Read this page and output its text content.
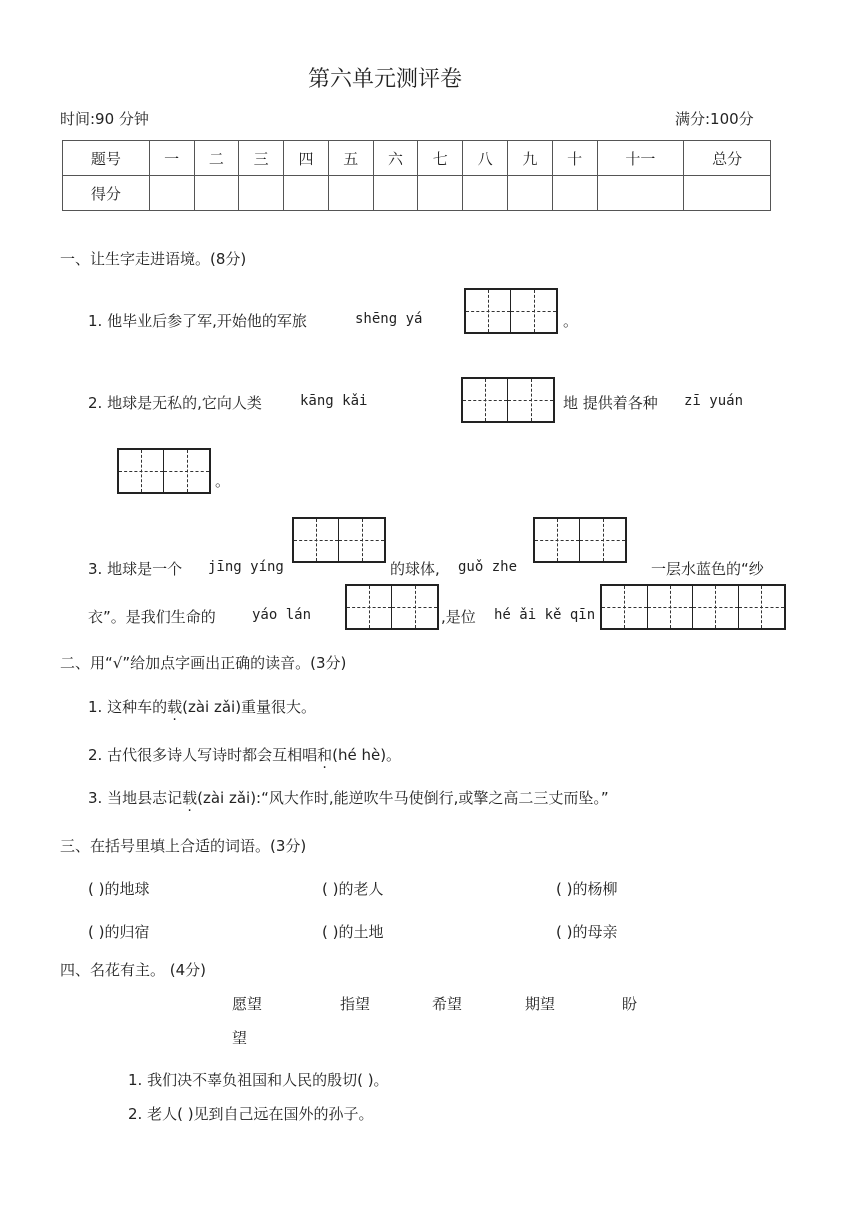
第六单元测评卷
时间:90 分钟	满分:100分
题号	一	二	三	四	五	六	七	八	九	十	十一	总分
得分												
一、让生字走进语境。(8分)
1. 他毕业后参了军,开始他的军旅	shēng yá	。
2. 地球是无私的,它向人类	kāng kǎi	地 提供着各种 zī yuán
。
3. 地球是一个 jīng yíng	的球体, guǒ zhe	一层水蓝色的“纱
衣”。是我们生命的	yáo lán	,是位 hé ǎi kě qīn
二、用“√”给加点字画出正确的读音。(3分)
1. 这种车的载(zài zǎi)重量很大。
2. 古代很多诗人写诗时都会互相唱和(hé hè)。
3. 当地县志记载(zài zǎi):“风大作时,能逆吹牛马使倒行,或擎之高二三丈而坠。”
三、在括号里填上合适的词语。(3分)
( )的地球	( )的老人	( )的杨柳
( )的归宿	( )的土地	( )的母亲
四、名花有主。 (4分)
愿望	指望	希望	期望	盼
望
1. 我们决不辜负祖国和人民的殷切( )。
2. 老人( )见到自己远在国外的孙子。
